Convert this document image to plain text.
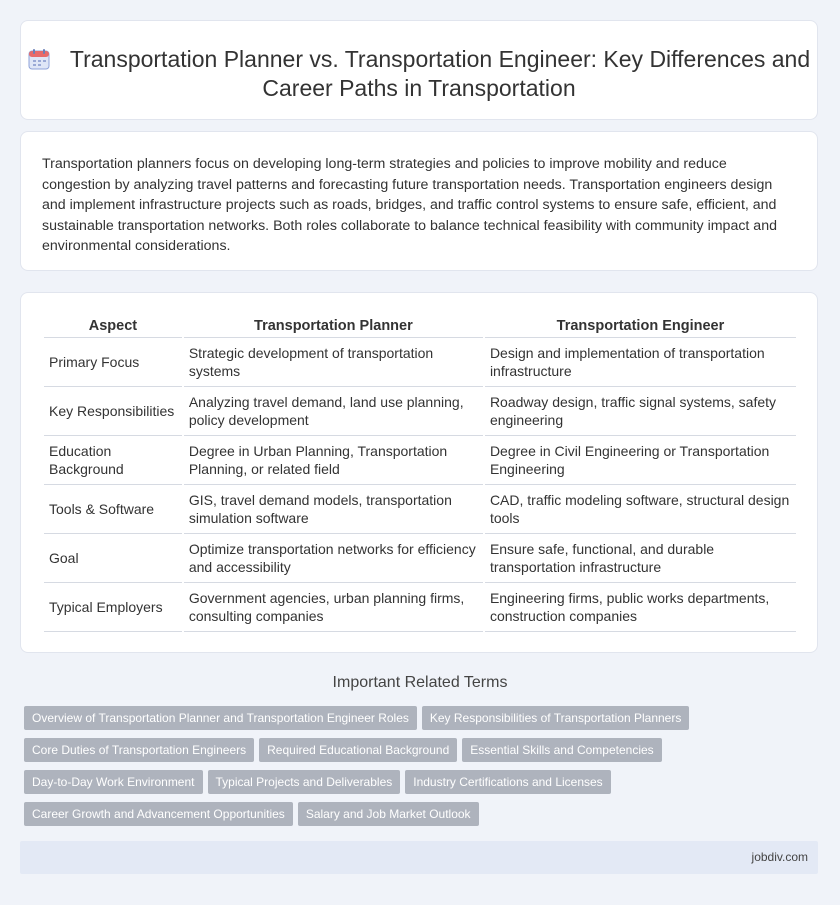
Transportation Planner vs. Transportation Engineer: Key Differences and Career Paths in Transportation
Transportation planners focus on developing long-term strategies and policies to improve mobility and reduce congestion by analyzing travel patterns and forecasting future transportation needs. Transportation engineers design and implement infrastructure projects such as roads, bridges, and traffic control systems to ensure safe, efficient, and sustainable transportation networks. Both roles collaborate to balance technical feasibility with community impact and environmental considerations.
Aspect	Transportation Planner	Transportation Engineer
Primary Focus	Strategic development of transportation systems	Design and implementation of transportation infrastructure
Key Responsibilities	Analyzing travel demand, land use planning, policy development	Roadway design, traffic signal systems, safety engineering
Education Background	Degree in Urban Planning, Transportation Planning, or related field	Degree in Civil Engineering or Transportation Engineering
Tools & Software	GIS, travel demand models, transportation simulation software	CAD, traffic modeling software, structural design tools
Goal	Optimize transportation networks for efficiency and accessibility	Ensure safe, functional, and durable transportation infrastructure
Typical Employers	Government agencies, urban planning firms, consulting companies	Engineering firms, public works departments, construction companies
Important Related Terms
Overview of Transportation Planner and Transportation Engineer Roles Key Responsibilities of Transportation Planners
Core Duties of Transportation Engineers Required Educational Background Essential Skills and Competencies
Day-to-Day Work Environment Typical Projects and Deliverables Industry Certifications and Licenses
Career Growth and Advancement Opportunities Salary and Job Market Outlook
jobdiv.com
